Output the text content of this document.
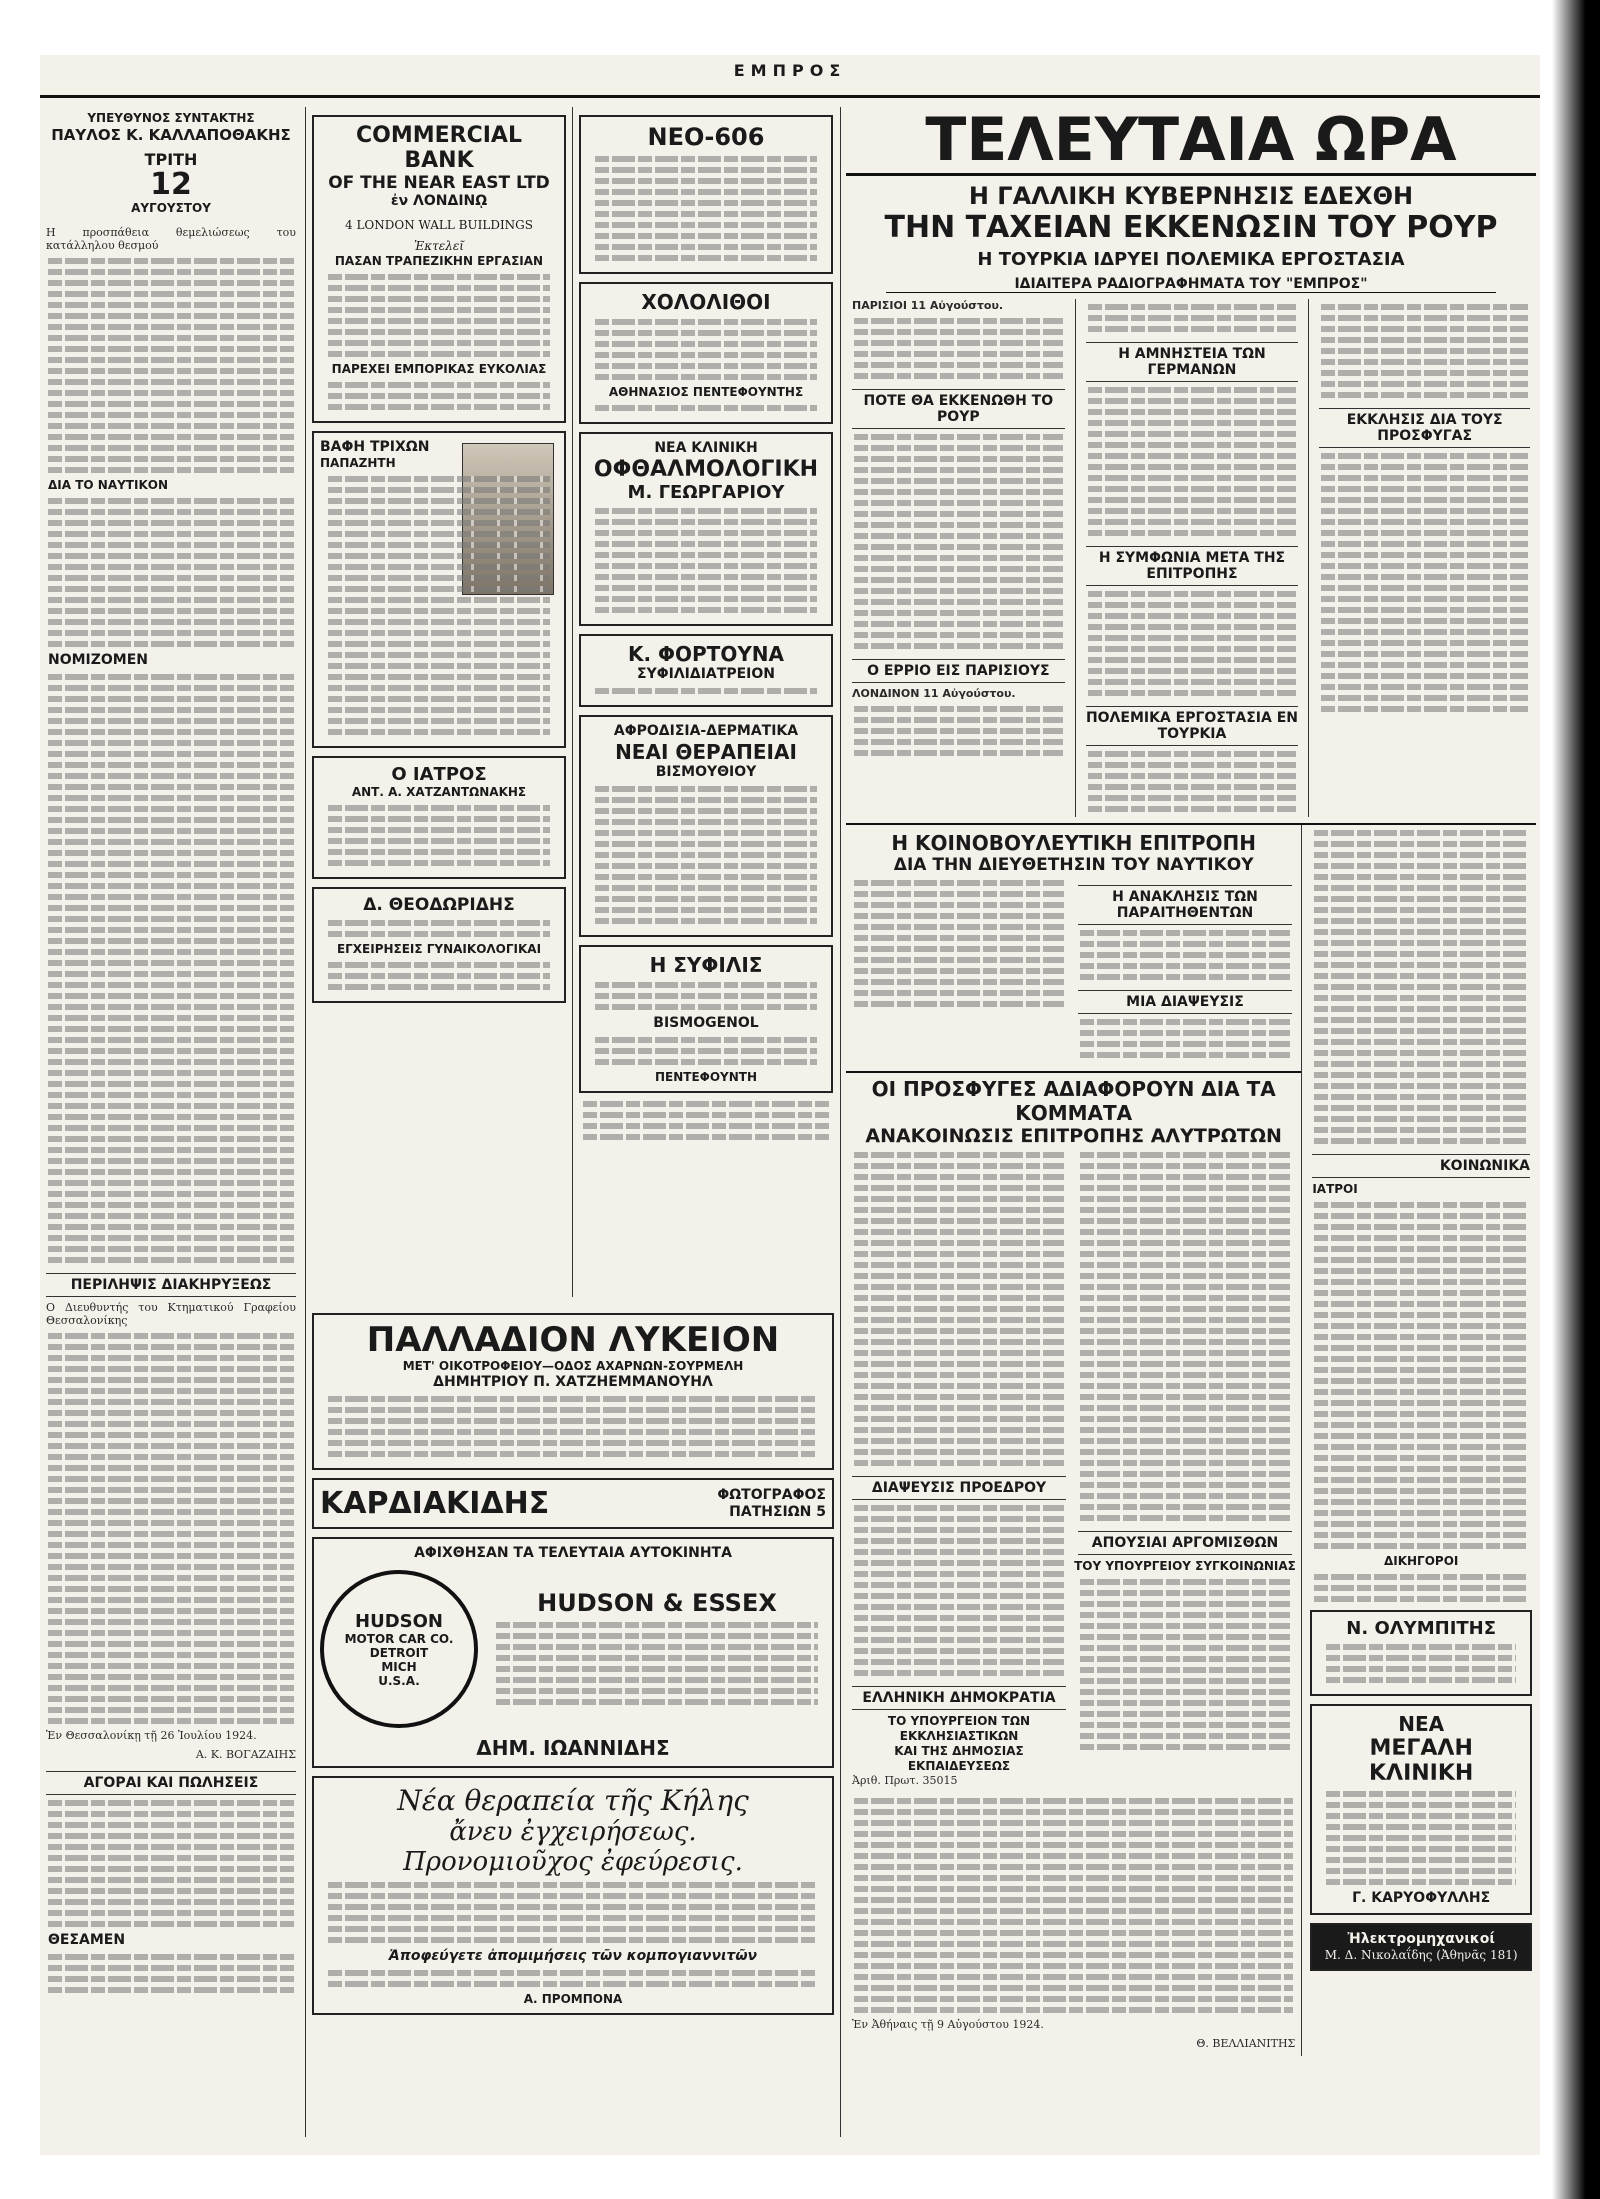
ΕΜΠΡΟΣ
ΥΠΕΥΘΥΝΟΣ ΣΥΝΤΑΚΤΗΣ
ΠΑΥΛΟΣ Κ. ΚΑΛΛΑΠΟΘΑΚΗΣ
ΤΡΙΤΗ
12
ΑΥΓΟΥΣΤΟΥ

Η προσπάθεια θεμελιώσεως του κατάλληλου θεσμού

ΔΙΑ ΤΟ ΝΑΥΤΙΚΟΝ
ΝΟΜΙΖΟΜΕΝ
ΠΕΡΙΛΗΨΙΣ ΔΙΑΚΗΡΥΞΕΩΣ

Ο Διευθυντής του Κτηματικού Γραφείου Θεσσαλονίκης

Ἐν Θεσσαλονίκῃ τῇ 26 Ἰουλίου 1924.

Α. Κ. ΒΟΓΑΖΑΙΗΣ

ΑΓΟΡΑΙ ΚΑΙ ΠΩΛΗΣΕΙΣ
ΘΕΣΑΜΕΝ
COMMERCIAL BANK
OF THE NEAR EAST LTD
ἐν ΛΟΝΔΙΝῼ
4 LONDON WALL BUILDINGS
Ἐκτελεῖ
ΠΑΣΑΝ ΤΡΑΠΕΖΙΚΗΝ ΕΡΓΑΣΙΑΝ
ΠΑΡΕΧΕΙ ΕΜΠΟΡΙΚΑΣ ΕΥΚΟΛΙΑΣ
ΒΑΦΗ ΤΡΙΧΩΝ
ΠΑΠΑΖΗΤΗ
Ο ΙΑΤΡΟΣ
ΑΝΤ. Α. ΧΑΤΖΑΝΤΩΝΑΚΗΣ
Δ. ΘΕΟΔΩΡΙΔΗΣ
ΕΓΧΕΙΡΗΣΕΙΣ ΓΥΝΑΙΚΟΛΟΓΙΚΑΙ
ΝΕΟ-606
ΧΟΛΟΛΙΘΟΙ
ΑΘΗΝΑΣΙΟΣ ΠΕΝΤΕΦΟΥΝΤΗΣ
ΝΕΑ ΚΛΙΝΙΚΗ
ΟΦΘΑΛΜΟΛΟΓΙΚΗ
Μ. ΓΕΩΡΓΑΡΙΟΥ
Κ. ΦΟΡΤΟΥΝΑ
ΣΥΦΙΛΙΔΙΑΤΡΕΙΟΝ
ΑΦΡΟΔΙΣΙΑ-ΔΕΡΜΑΤΙΚΑ
ΝΕΑΙ ΘΕΡΑΠΕΙΑΙ
ΒΙΣΜΟΥΘΙΟΥ
Η ΣΥΦΙΛΙΣ
BISMOGENOL
ΠΕΝΤΕΦΟΥΝΤΗ
ΠΑΛΛΑΔΙΟΝ ΛΥΚΕΙΟΝ
ΜΕΤ' ΟΙΚΟΤΡΟΦΕΙΟΥ—ΟΔΟΣ ΑΧΑΡΝΩΝ-ΣΟΥΡΜΕΛΗ
ΔΗΜΗΤΡΙΟΥ Π. ΧΑΤΖΗΕΜΜΑΝΟΥΗΛ
ΚΑΡΔΙΑΚΙΔΗΣ	ΦΩΤΟΓΡΑΦΟΣ
ΠΑΤΗΣΙΩΝ 5
ΑΦΙΧΘΗΣΑΝ ΤΑ ΤΕΛΕΥΤΑΙΑ ΑΥΤΟΚΙΝΗΤΑ
HUDSON
MOTOR CAR CO.
DETROIT
MICH
U.S.A.
HUDSON & ESSEX
ΔΗΜ. ΙΩΑΝΝΙΔΗΣ
Νέα θεραπεία τῆς Κήλης
ἄνευ ἐγχειρήσεως.
Προνομιοῦχος ἐφεύρεσις.
Ἀποφεύγετε ἀπομιμήσεις τῶν κομπογιαννιτῶν
Α. ΠΡΟΜΠΟΝΑ
ΤΕΛΕΥΤΑΙΑ ΩΡΑ
Η ΓΑΛΛΙΚΗ ΚΥΒΕΡΝΗΣΙΣ ΕΔΕΧΘΗ
ΤΗΝ ΤΑΧΕΙΑΝ ΕΚΚΕΝΩΣΙΝ ΤΟΥ ΡΟΥΡ
Η ΤΟΥΡΚΙΑ ΙΔΡΥΕΙ ΠΟΛΕΜΙΚΑ ΕΡΓΟΣΤΑΣΙΑ
ΙΔΙΑΙΤΕΡΑ ΡΑΔΙΟΓΡΑΦΗΜΑΤΑ ΤΟΥ "ΕΜΠΡΟΣ"

ΠΑΡΙΣΙΟΙ 11 Αὐγούστου.

ΠΟΤΕ ΘΑ ΕΚΚΕΝΩΘΗ ΤΟ ΡΟΥΡ
Ο ΕΡΡΙΟ ΕΙΣ ΠΑΡΙΣΙΟΥΣ

ΛΟΝΔΙΝΟΝ 11 Αὐγούστου.

Η ΑΜΝΗΣΤΕΙΑ ΤΩΝ ΓΕΡΜΑΝΩΝ
Η ΣΥΜΦΩΝΙΑ ΜΕΤΑ ΤΗΣ ΕΠΙΤΡΟΠΗΣ
ΠΟΛΕΜΙΚΑ ΕΡΓΟΣΤΑΣΙΑ ΕΝ ΤΟΥΡΚΙΑ
ΕΚΚΛΗΣΙΣ ΔΙΑ ΤΟΥΣ ΠΡΟΣΦΥΓΑΣ
Η ΚΟΙΝΟΒΟΥΛΕΥΤΙΚΗ ΕΠΙΤΡΟΠΗ
ΔΙΑ ΤΗΝ ΔΙΕΥΘΕΤΗΣΙΝ ΤΟΥ ΝΑΥΤΙΚΟΥ
Η ΑΝΑΚΛΗΣΙΣ ΤΩΝ ΠΑΡΑΙΤΗΘΕΝΤΩΝ
ΜΙΑ ΔΙΑΨΕΥΣΙΣ
ΟΙ ΠΡΟΣΦΥΓΕΣ ΑΔΙΑΦΟΡΟΥΝ ΔΙΑ ΤΑ ΚΟΜΜΑΤΑ
ΑΝΑΚΟΙΝΩΣΙΣ ΕΠΙΤΡΟΠΗΣ ΑΛΥΤΡΩΤΩΝ
ΔΙΑΨΕΥΣΙΣ ΠΡΟΕΔΡΟΥ
ΕΛΛΗΝΙΚΗ ΔΗΜΟΚΡΑΤΙΑ
ΤΟ ΥΠΟΥΡΓΕΙΟΝ ΤΩΝ ΕΚΚΛΗΣΙΑΣΤΙΚΩΝ
ΚΑΙ ΤΗΣ ΔΗΜΟΣΙΑΣ ΕΚΠΑΙΔΕΥΣΕΩΣ

Ἀριθ. Πρωτ. 35015

ΑΠΟΥΣΙΑΙ ΑΡΓΟΜΙΣΘΩΝ
ΤΟΥ ΥΠΟΥΡΓΕΙΟΥ ΣΥΓΚΟΙΝΩΝΙΑΣ

Ἐν Ἀθήναις τῇ 9 Αὐγούστου 1924.

Θ. ΒΕΛΛΙΑΝΙΤΗΣ

ΚΟΙΝΩΝΙΚΑ
ΙΑΤΡΟΙ
ΔΙΚΗΓΟΡΟΙ
Ν. ΟΛΥΜΠΙΤΗΣ
ΝΕΑ
ΜΕΓΑΛΗ ΚΛΙΝΙΚΗ
Γ. ΚΑΡΥΟΦΥΛΛΗΣ
Ἠλεκτρομηχανικοί
Μ. Δ. Νικολαΐδης (Ἀθηνᾶς 181)
